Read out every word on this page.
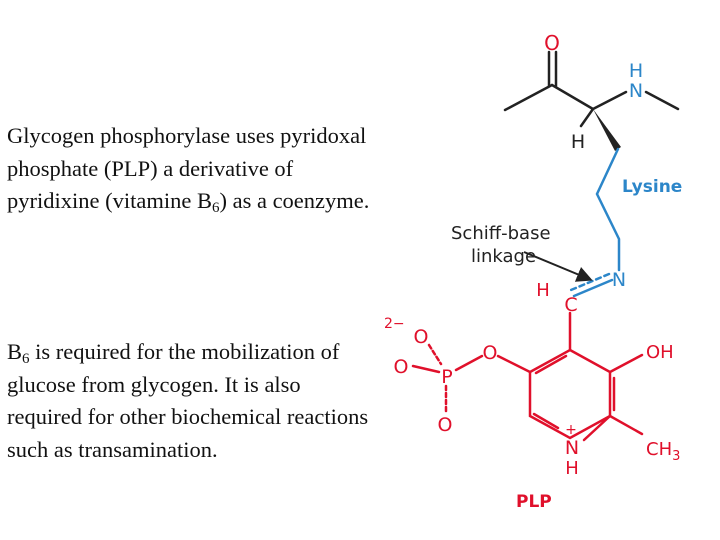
Glycogen phosphorylase uses pyridoxal phosphate (PLP) a derivative of pyridixine (vitamine $B_6$) as a coenzyme.

$B_6$ is required for the mobilization of glucose from glycogen. It is also required for other biochemical reactions such as transamination.

O
H
N
H
Lysine
Schiff-base
linkage
N
H
C
2−
O
O P
O
O	OH
+
N
H
$CH_3$
PLP
